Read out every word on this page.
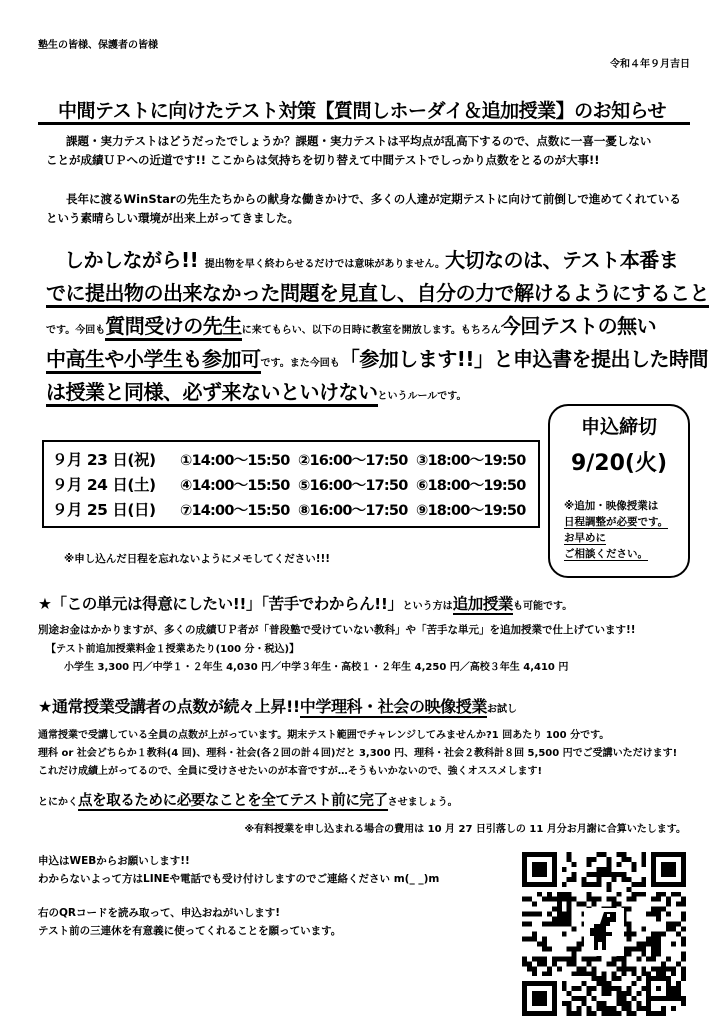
塾生の皆様、保護者の皆様
令和４年９月吉日
中間テストに向けたテスト対策【質問しホーダイ＆追加授業】のお知らせ
課題・実力テストはどうだったでしょうか？課題・実力テストは平均点が乱高下するので、点数に一喜一憂しない
ことが成績ＵＰへの近道です!! ここからは気持ちを切り替えて中間テストでしっかり点数をとるのが大事!!
長年に渡るWinStarの先生たちからの献身な働きかけで、多くの人達が定期テストに向けて前倒しで進めてくれている
という素晴らしい環境が出来上がってきました。
しかしながら!! 提出物を早く終わらせるだけでは意味がありません。大切なのは、テスト本番ま
でに提出物の出来なかった問題を見直し、自分の力で解けるようにすること
です。今回も質問受けの先生に来てもらい、以下の日時に教室を開放します。もちろん今回テストの無い
中高生や小学生も参加可です。また今回も「参加します!!」と申込書を提出した時間
は授業と同様、必ず来ないといけないというルールです。
申込締切
9/20(火)
※追加・映像授業は
日程調整が必要です。
お早めに
ご相談ください。
９月 23 日(祝) ①14:00～15:50 ②16:00～17:50 ③18:00～19:50
９月 24 日(土) ④14:00～15:50 ⑤16:00～17:50 ⑥18:00～19:50
９月 25 日(日) ⑦14:00～15:50 ⑧16:00～17:50 ⑨18:00～19:50
※申し込んだ日程を忘れないようにメモしてください!!!
★「この単元は得意にしたい!!」「苦手でわからん!!」という方は追加授業も可能です。
別途お金はかかりますが、多くの成績ＵＰ者が「普段塾で受けていない教科」や「苦手な単元」を追加授業で仕上げています!!
【テスト前追加授業料金１授業あたり(100 分・税込)】
小学生 3,300 円／中学１・２年生 4,030 円／中学３年生・高校１・２年生 4,250 円／高校３年生 4,410 円
★通常授業受講者の点数が続々上昇!!中学理科・社会の映像授業お試し
通常授業で受講している全員の点数が上がっています。期末テスト範囲でチャレンジしてみませんか?1 回あたり 100 分です。
理科 or 社会どちらか１教科(4 回)、理科・社会(各２回の計４回)だと 3,300 円、理科・社会２教科計８回 5,500 円でご受講いただけます!
これだけ成績上がってるので、全員に受けさせたいのが本音ですが…そうもいかないので、強くオススメします!
とにかく点を取るために必要なことを全てテスト前に完了させましょう。
※有料授業を申し込まれる場合の費用は 10 月 27 日引落しの 11 月分お月謝に合算いたします。
申込はWEBからお願いします!!
わからないよって方はLINEや電話でも受け付けしますのでご連絡ください m(_ _)m
右のQRコードを読み取って、申込おねがいします!
テスト前の三連休を有意義に使ってくれることを願っています。
